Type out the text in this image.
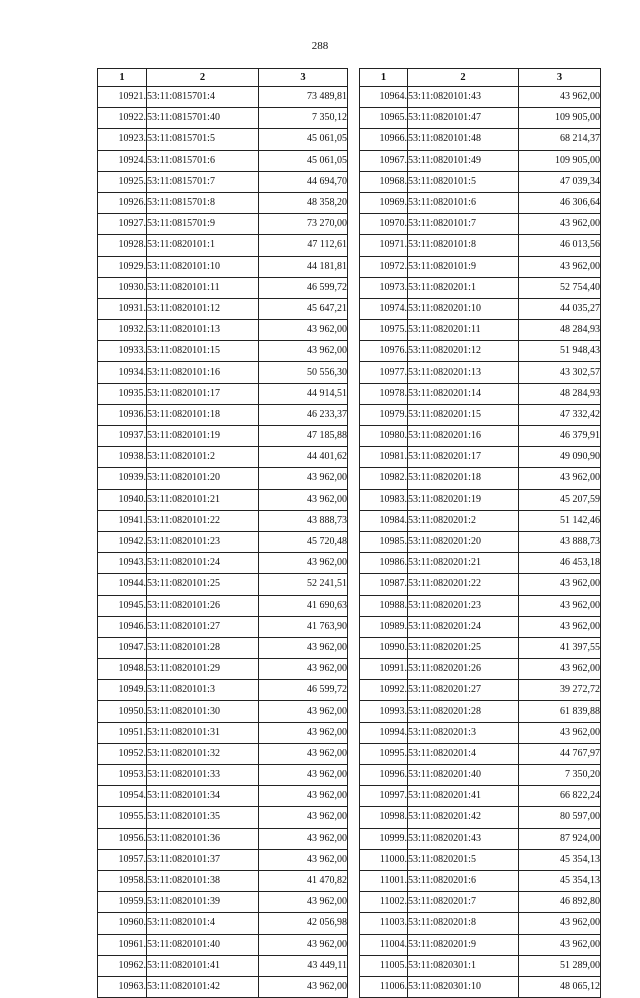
288
1	2	3
10921.	53:11:0815701:4	73 489,81
10922.	53:11:0815701:40	7 350,12
10923.	53:11:0815701:5	45 061,05
10924.	53:11:0815701:6	45 061,05
10925.	53:11:0815701:7	44 694,70
10926.	53:11:0815701:8	48 358,20
10927.	53:11:0815701:9	73 270,00
10928.	53:11:0820101:1	47 112,61
10929.	53:11:0820101:10	44 181,81
10930.	53:11:0820101:11	46 599,72
10931.	53:11:0820101:12	45 647,21
10932.	53:11:0820101:13	43 962,00
10933.	53:11:0820101:15	43 962,00
10934.	53:11:0820101:16	50 556,30
10935.	53:11:0820101:17	44 914,51
10936.	53:11:0820101:18	46 233,37
10937.	53:11:0820101:19	47 185,88
10938.	53:11:0820101:2	44 401,62
10939.	53:11:0820101:20	43 962,00
10940.	53:11:0820101:21	43 962,00
10941.	53:11:0820101:22	43 888,73
10942.	53:11:0820101:23	45 720,48
10943.	53:11:0820101:24	43 962,00
10944.	53:11:0820101:25	52 241,51
10945.	53:11:0820101:26	41 690,63
10946.	53:11:0820101:27	41 763,90
10947.	53:11:0820101:28	43 962,00
10948.	53:11:0820101:29	43 962,00
10949.	53:11:0820101:3	46 599,72
10950.	53:11:0820101:30	43 962,00
10951.	53:11:0820101:31	43 962,00
10952.	53:11:0820101:32	43 962,00
10953.	53:11:0820101:33	43 962,00
10954.	53:11:0820101:34	43 962,00
10955.	53:11:0820101:35	43 962,00
10956.	53:11:0820101:36	43 962,00
10957.	53:11:0820101:37	43 962,00
10958.	53:11:0820101:38	41 470,82
10959.	53:11:0820101:39	43 962,00
10960.	53:11:0820101:4	42 056,98
10961.	53:11:0820101:40	43 962,00
10962.	53:11:0820101:41	43 449,11
10963.	53:11:0820101:42	43 962,00
1	2	3
10964.	53:11:0820101:43	43 962,00
10965.	53:11:0820101:47	109 905,00
10966.	53:11:0820101:48	68 214,37
10967.	53:11:0820101:49	109 905,00
10968.	53:11:0820101:5	47 039,34
10969.	53:11:0820101:6	46 306,64
10970.	53:11:0820101:7	43 962,00
10971.	53:11:0820101:8	46 013,56
10972.	53:11:0820101:9	43 962,00
10973.	53:11:0820201:1	52 754,40
10974.	53:11:0820201:10	44 035,27
10975.	53:11:0820201:11	48 284,93
10976.	53:11:0820201:12	51 948,43
10977.	53:11:0820201:13	43 302,57
10978.	53:11:0820201:14	48 284,93
10979.	53:11:0820201:15	47 332,42
10980.	53:11:0820201:16	46 379,91
10981.	53:11:0820201:17	49 090,90
10982.	53:11:0820201:18	43 962,00
10983.	53:11:0820201:19	45 207,59
10984.	53:11:0820201:2	51 142,46
10985.	53:11:0820201:20	43 888,73
10986.	53:11:0820201:21	46 453,18
10987.	53:11:0820201:22	43 962,00
10988.	53:11:0820201:23	43 962,00
10989.	53:11:0820201:24	43 962,00
10990.	53:11:0820201:25	41 397,55
10991.	53:11:0820201:26	43 962,00
10992.	53:11:0820201:27	39 272,72
10993.	53:11:0820201:28	61 839,88
10994.	53:11:0820201:3	43 962,00
10995.	53:11:0820201:4	44 767,97
10996.	53:11:0820201:40	7 350,20
10997.	53:11:0820201:41	66 822,24
10998.	53:11:0820201:42	80 597,00
10999.	53:11:0820201:43	87 924,00
11000.	53:11:0820201:5	45 354,13
11001.	53:11:0820201:6	45 354,13
11002.	53:11:0820201:7	46 892,80
11003.	53:11:0820201:8	43 962,00
11004.	53:11:0820201:9	43 962,00
11005.	53:11:0820301:1	51 289,00
11006.	53:11:0820301:10	48 065,12
